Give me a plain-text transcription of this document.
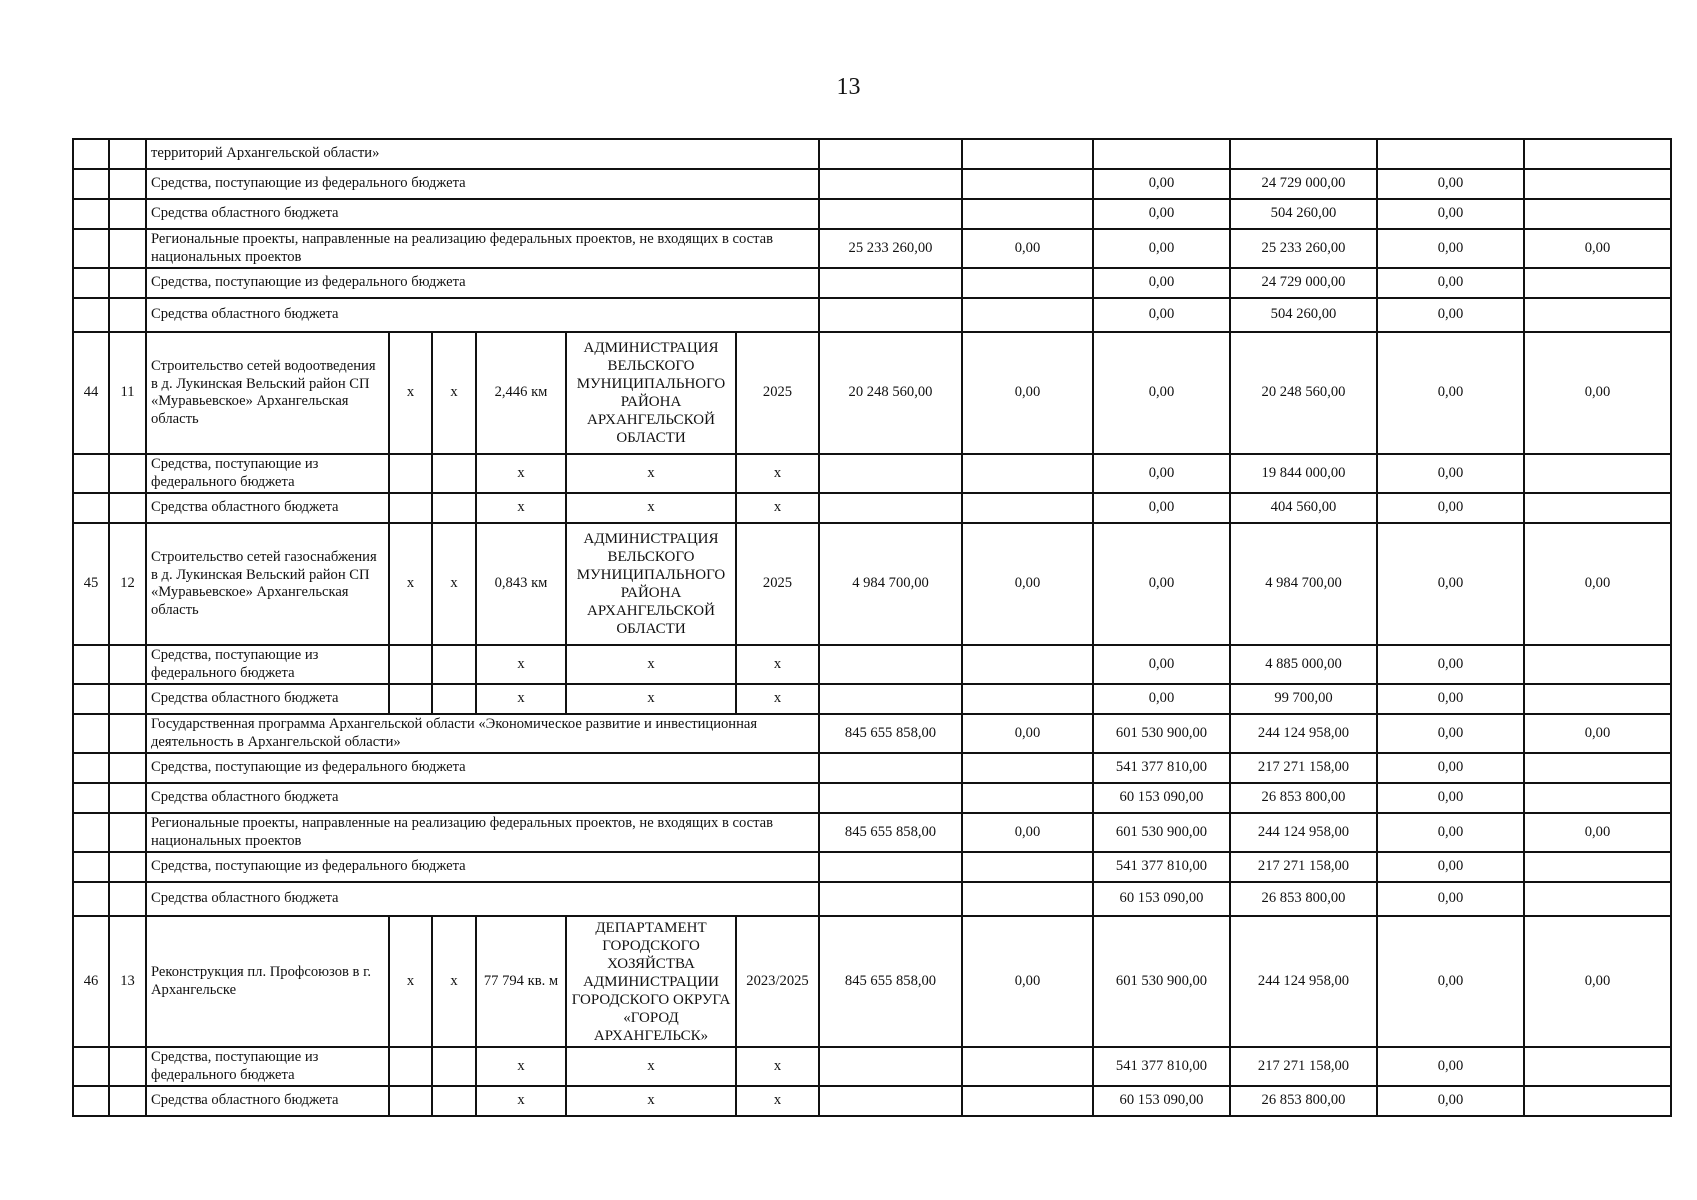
13
		территорий Архангельской области»											
		Средства, поступающие из федерального бюджета								0,00	24 729 000,00	0,00	
		Средства областного бюджета								0,00	504 260,00	0,00	
		Региональные проекты, направленные на реализацию федеральных проектов, не входящих в состав национальных проектов						25 233 260,00	0,00	0,00	25 233 260,00	0,00	0,00
		Средства, поступающие из федерального бюджета								0,00	24 729 000,00	0,00	
		Средства областного бюджета								0,00	504 260,00	0,00	
44	11	Строительство сетей водоотведения в д. Лукинская Вельский район СП «Муравьевское» Архангельская область	х	х	2,446 км	АДМИНИСТРАЦИЯ ВЕЛЬСКОГО МУНИЦИПАЛЬНОГО РАЙОНА АРХАНГЕЛЬСКОЙ ОБЛАСТИ	2025	20 248 560,00	0,00	0,00	20 248 560,00	0,00	0,00
		Средства, поступающие из федерального бюджета			х	х	х			0,00	19 844 000,00	0,00	
		Средства областного бюджета			х	х	х			0,00	404 560,00	0,00	
45	12	Строительство сетей газоснабжения в д. Лукинская Вельский район СП «Муравьевское» Архангельская область	х	х	0,843 км	АДМИНИСТРАЦИЯ ВЕЛЬСКОГО МУНИЦИПАЛЬНОГО РАЙОНА АРХАНГЕЛЬСКОЙ ОБЛАСТИ	2025	4 984 700,00	0,00	0,00	4 984 700,00	0,00	0,00
		Средства, поступающие из федерального бюджета			х	х	х			0,00	4 885 000,00	0,00	
		Средства областного бюджета			х	х	х			0,00	99 700,00	0,00	
		Государственная программа Архангельской области «Экономическое развитие и инвестиционная деятельность в Архангельской области»						845 655 858,00	0,00	601 530 900,00	244 124 958,00	0,00	0,00
		Средства, поступающие из федерального бюджета								541 377 810,00	217 271 158,00	0,00	
		Средства областного бюджета								60 153 090,00	26 853 800,00	0,00	
		Региональные проекты, направленные на реализацию федеральных проектов, не входящих в состав национальных проектов						845 655 858,00	0,00	601 530 900,00	244 124 958,00	0,00	0,00
		Средства, поступающие из федерального бюджета								541 377 810,00	217 271 158,00	0,00	
		Средства областного бюджета								60 153 090,00	26 853 800,00	0,00	
46	13	Реконструкция пл. Профсоюзов в г. Архангельске	х	х	77 794 кв. м	ДЕПАРТАМЕНТ ГОРОДСКОГО ХОЗЯЙСТВА АДМИНИСТРАЦИИ ГОРОДСКОГО ОКРУГА «ГОРОД АРХАНГЕЛЬСК»	2023/2025	845 655 858,00	0,00	601 530 900,00	244 124 958,00	0,00	0,00
		Средства, поступающие из федерального бюджета			х	х	х			541 377 810,00	217 271 158,00	0,00	
		Средства областного бюджета			х	х	х			60 153 090,00	26 853 800,00	0,00	
